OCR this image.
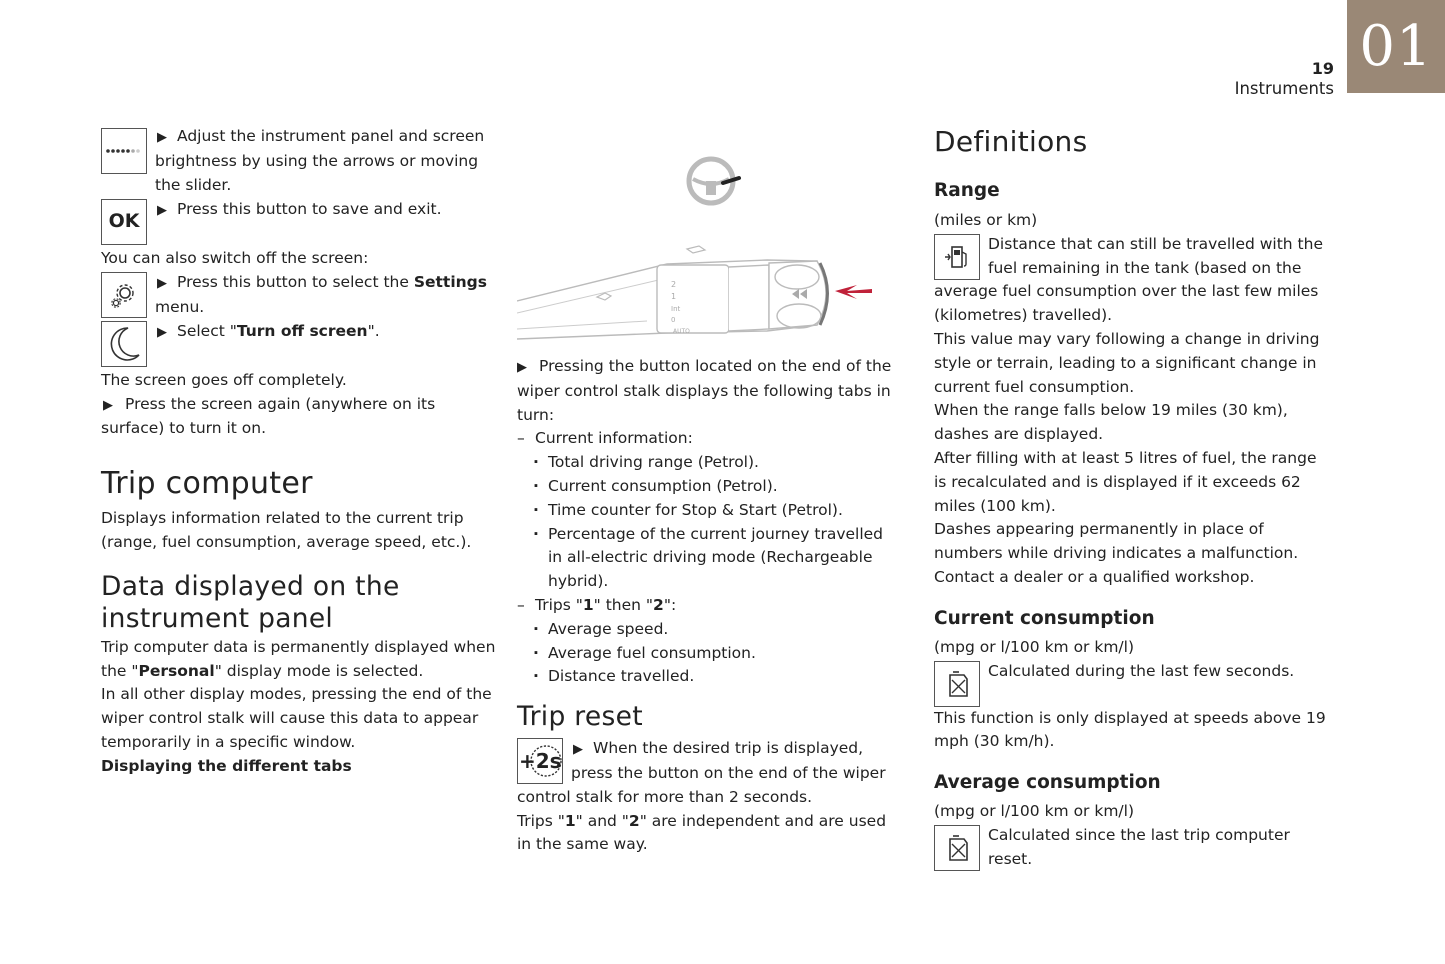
19
Instruments
01

▶ Adjust the instrument panel and screen brightness by using the arrows or moving the slider.

OK	▶ Press this button to save and exit.

You can also switch off the screen:

▶ Press this button to select the Settings menu.

▶ Select "Turn off screen".

The screen goes off completely.

▶ Press the screen again (anywhere on its surface) to turn it on.

Trip computer

Displays information related to the current trip (range, fuel consumption, average speed, etc.).

Data displayed on the instrument panel

Trip computer data is permanently displayed when the "Personal" display mode is selected.

In all other display modes, pressing the end of the wiper control stalk will cause this data to appear temporarily in a specific window.

Displaying the different tabs

2
1
Int
0
AUTO

▶ Pressing the button located on the end of the wiper control stalk displays the following tabs in turn:

– Current information:
· Total driving range (Petrol).
· Current consumption (Petrol).
· Time counter for Stop & Start (Petrol).
· Percentage of the current journey travelled in all-electric driving mode (Rechargeable hybrid).
– Trips "1" then "2":
· Average speed.
· Average fuel consumption.
· Distance travelled.
Trip reset
+2s ▶ When the desired trip is displayed, press the button on the end of the wiper control stalk for more than 2 seconds.

Trips "1" and "2" are independent and are used in the same way.

Definitions
Range

(miles or km)

Distance that can still be travelled with the fuel remaining in the tank (based on the average fuel consumption over the last few miles (kilometres) travelled).

This value may vary following a change in driving style or terrain, leading to a significant change in current fuel consumption.

When the range falls below 19 miles (30 km), dashes are displayed.

After filling with at least 5 litres of fuel, the range is recalculated and is displayed if it exceeds 62 miles (100 km).

Dashes appearing permanently in place of numbers while driving indicates a malfunction. Contact a dealer or a qualified workshop.

Current consumption

(mpg or l/100 km or km/l)

Calculated during the last few seconds.

This function is only displayed at speeds above 19 mph (30 km/h).

Average consumption

(mpg or l/100 km or km/l)

Calculated since the last trip computer reset.
